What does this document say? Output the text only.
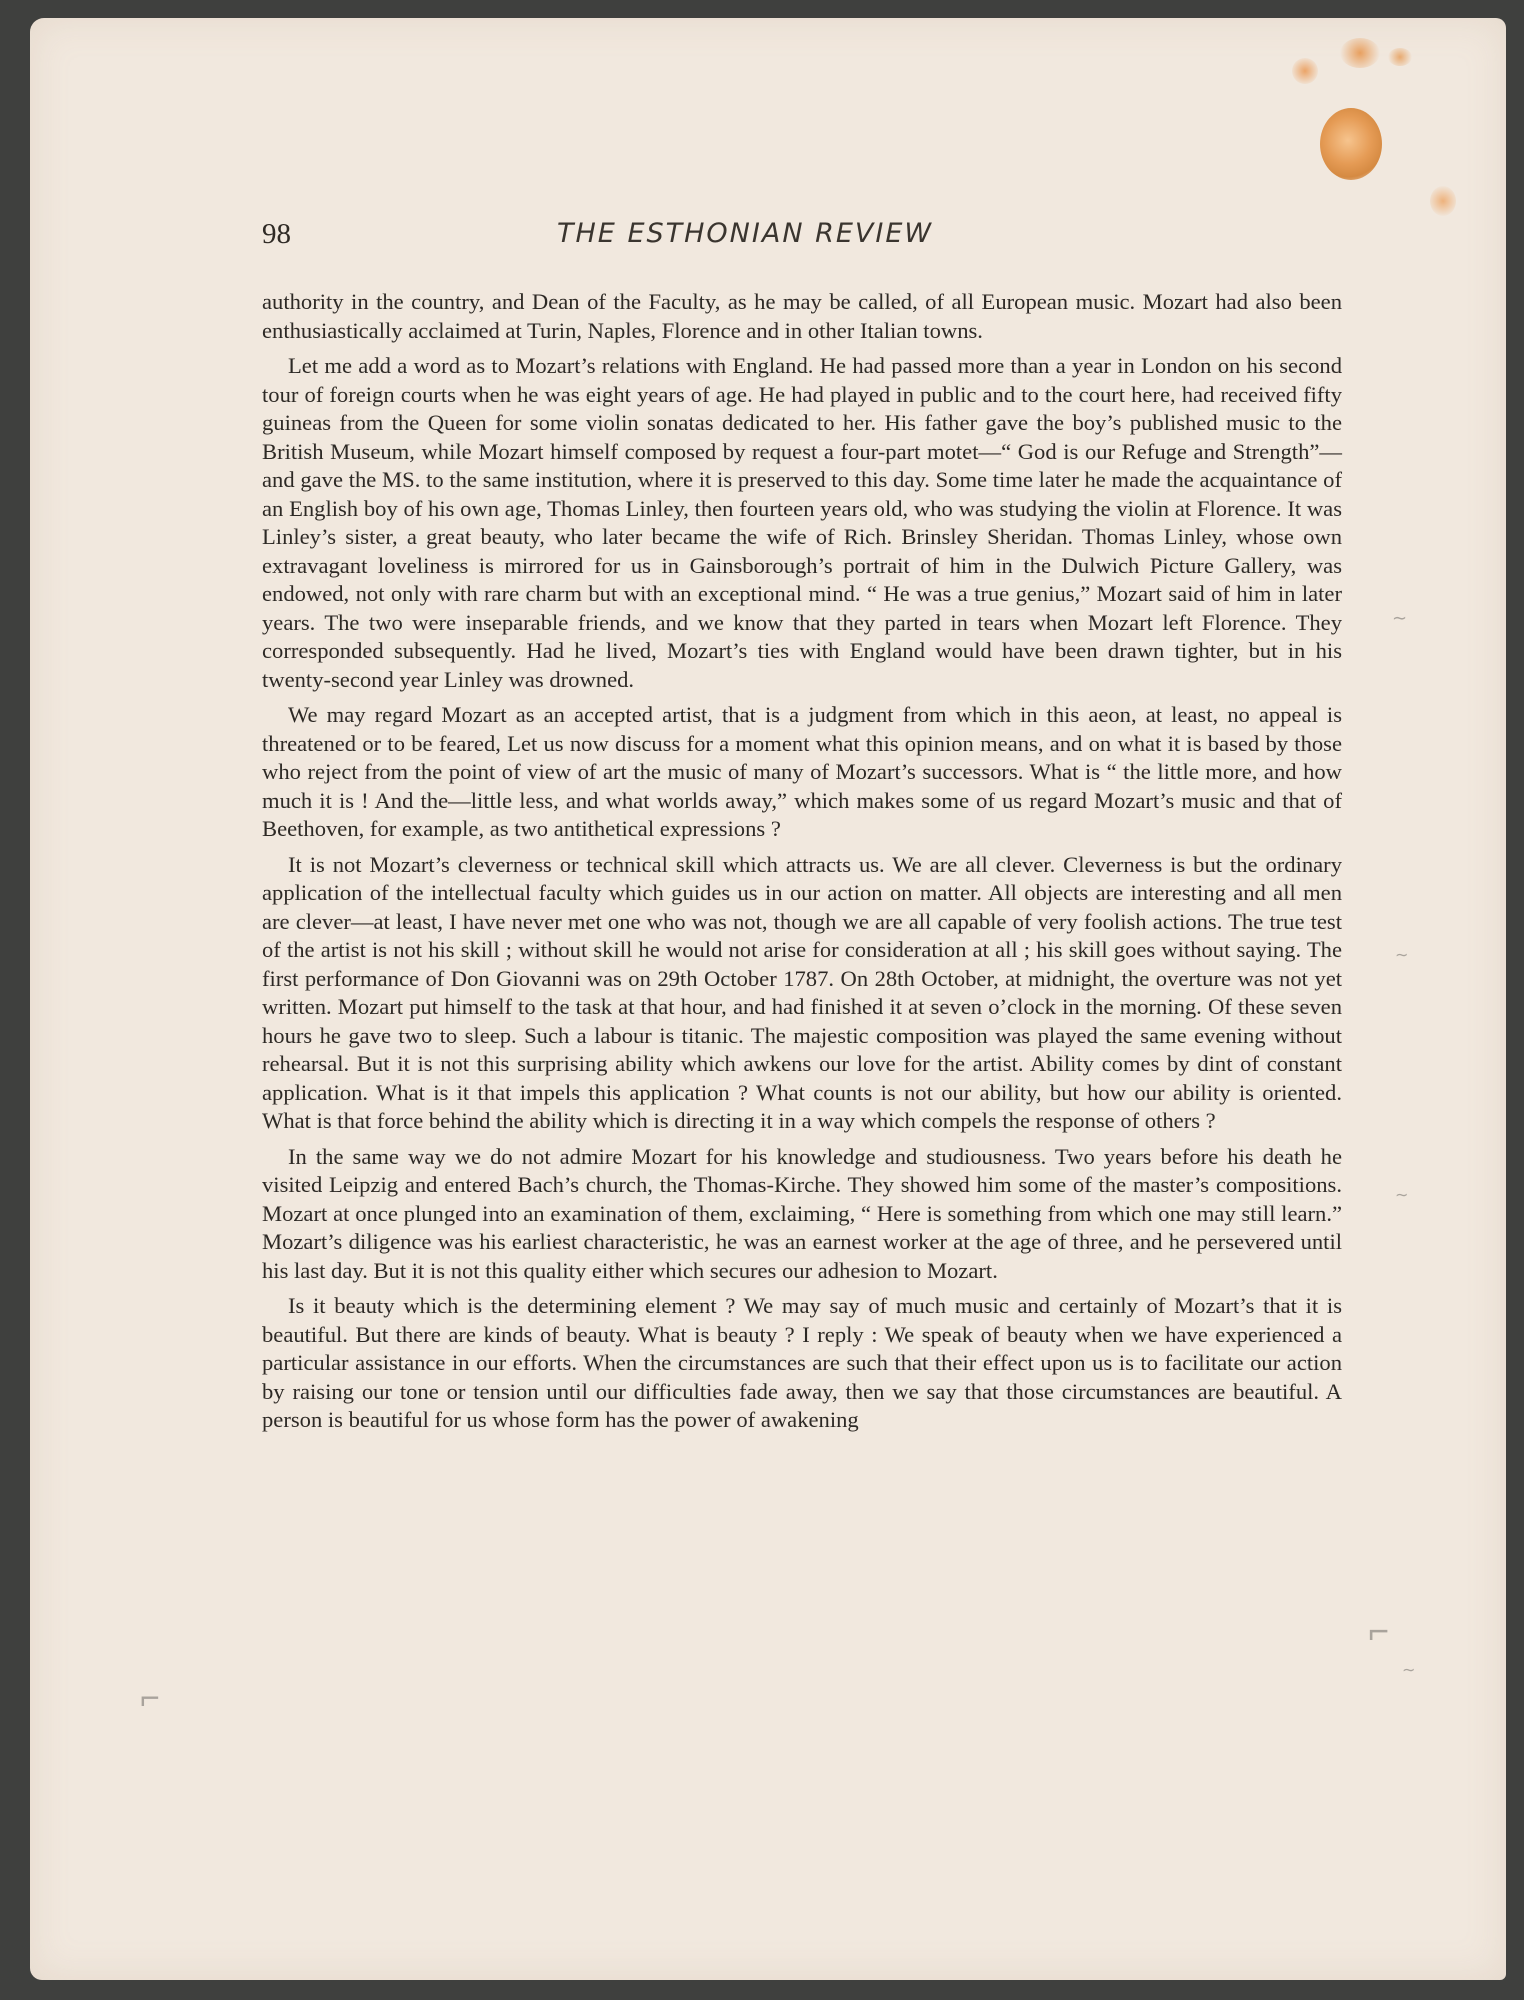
98	THE ESTHONIAN REVIEW

authority in the country, and Dean of the Faculty, as he may be called, of all European music. Mozart had also been enthusiastically acclaimed at Turin, Naples, Florence and in other Italian towns.

Let me add a word as to Mozart’s relations with England. He had passed more than a year in London on his second tour of foreign courts when he was eight years of age. He had played in public and to the court here, had received fifty guineas from the Queen for some violin sonatas dedicated to her. His father gave the boy’s published music to the British Museum, while Mozart himself composed by request a four-part motet—“ God is our Refuge and Strength”—and gave the MS. to the same institution, where it is preserved to this day. Some time later he made the acquaintance of an English boy of his own age, Thomas Linley, then fourteen years old, who was studying the violin at Florence. It was Linley’s sister, a great beauty, who later became the wife of Rich. Brinsley Sheridan. Thomas Linley, whose own extravagant loveliness is mirrored for us in Gainsborough’s portrait of him in the Dulwich Picture Gallery, was endowed, not only with rare charm but with an exceptional mind. “ He was a true genius,” Mozart said of him in later years. The two were inseparable friends, and we know that they parted in tears when Mozart left Florence. They corresponded subsequently. Had he lived, Mozart’s ties with England would have been drawn tighter, but in his twenty-second year Linley was drowned.

We may regard Mozart as an accepted artist, that is a judgment from which in this aeon, at least, no appeal is threatened or to be feared, Let us now discuss for a moment what this opinion means, and on what it is based by those who reject from the point of view of art the music of many of Mozart’s successors. What is “ the little more, and how much it is ! And the—little less, and what worlds away,” which makes some of us regard Mozart’s music and that of Beethoven, for example, as two antithetical expressions ?

It is not Mozart’s cleverness or technical skill which attracts us. We are all clever. Cleverness is but the ordinary application of the intellectual faculty which guides us in our action on matter. All objects are interesting and all men are clever—at least, I have never met one who was not, though we are all capable of very foolish actions. The true test of the artist is not his skill ; without skill he would not arise for consideration at all ; his skill goes without saying. The first performance of Don Giovanni was on 29th October 1787. On 28th October, at midnight, the overture was not yet written. Mozart put himself to the task at that hour, and had finished it at seven o’clock in the morning. Of these seven hours he gave two to sleep. Such a labour is titanic. The majestic composition was played the same evening without rehearsal. But it is not this surprising ability which awkens our love for the artist. Ability comes by dint of constant application. What is it that impels this application ? What counts is not our ability, but how our ability is oriented. What is that force behind the ability which is directing it in a way which compels the response of others ?

In the same way we do not admire Mozart for his knowledge and studiousness. Two years before his death he visited Leipzig and entered Bach’s church, the Thomas-Kirche. They showed him some of the master’s compositions. Mozart at once plunged into an examination of them, exclaiming, “ Here is something from which one may still learn.” Mozart’s diligence was his earliest characteristic, he was an earnest worker at the age of three, and he persevered until his last day. But it is not this quality either which secures our adhesion to Mozart.

Is it beauty which is the determining element ? We may say of much music and certainly of Mozart’s that it is beautiful. But there are kinds of beauty. What is beauty ? I reply : We speak of beauty when we have experienced a particular assistance in our efforts. When the circumstances are such that their effect upon us is to facilitate our action by raising our tone or tension until our difficulties fade away, then we say that those circumstances are beautiful. A person is beautiful for us whose form has the power of awakening

∼
∼
∼
⌐
∼
⌐
